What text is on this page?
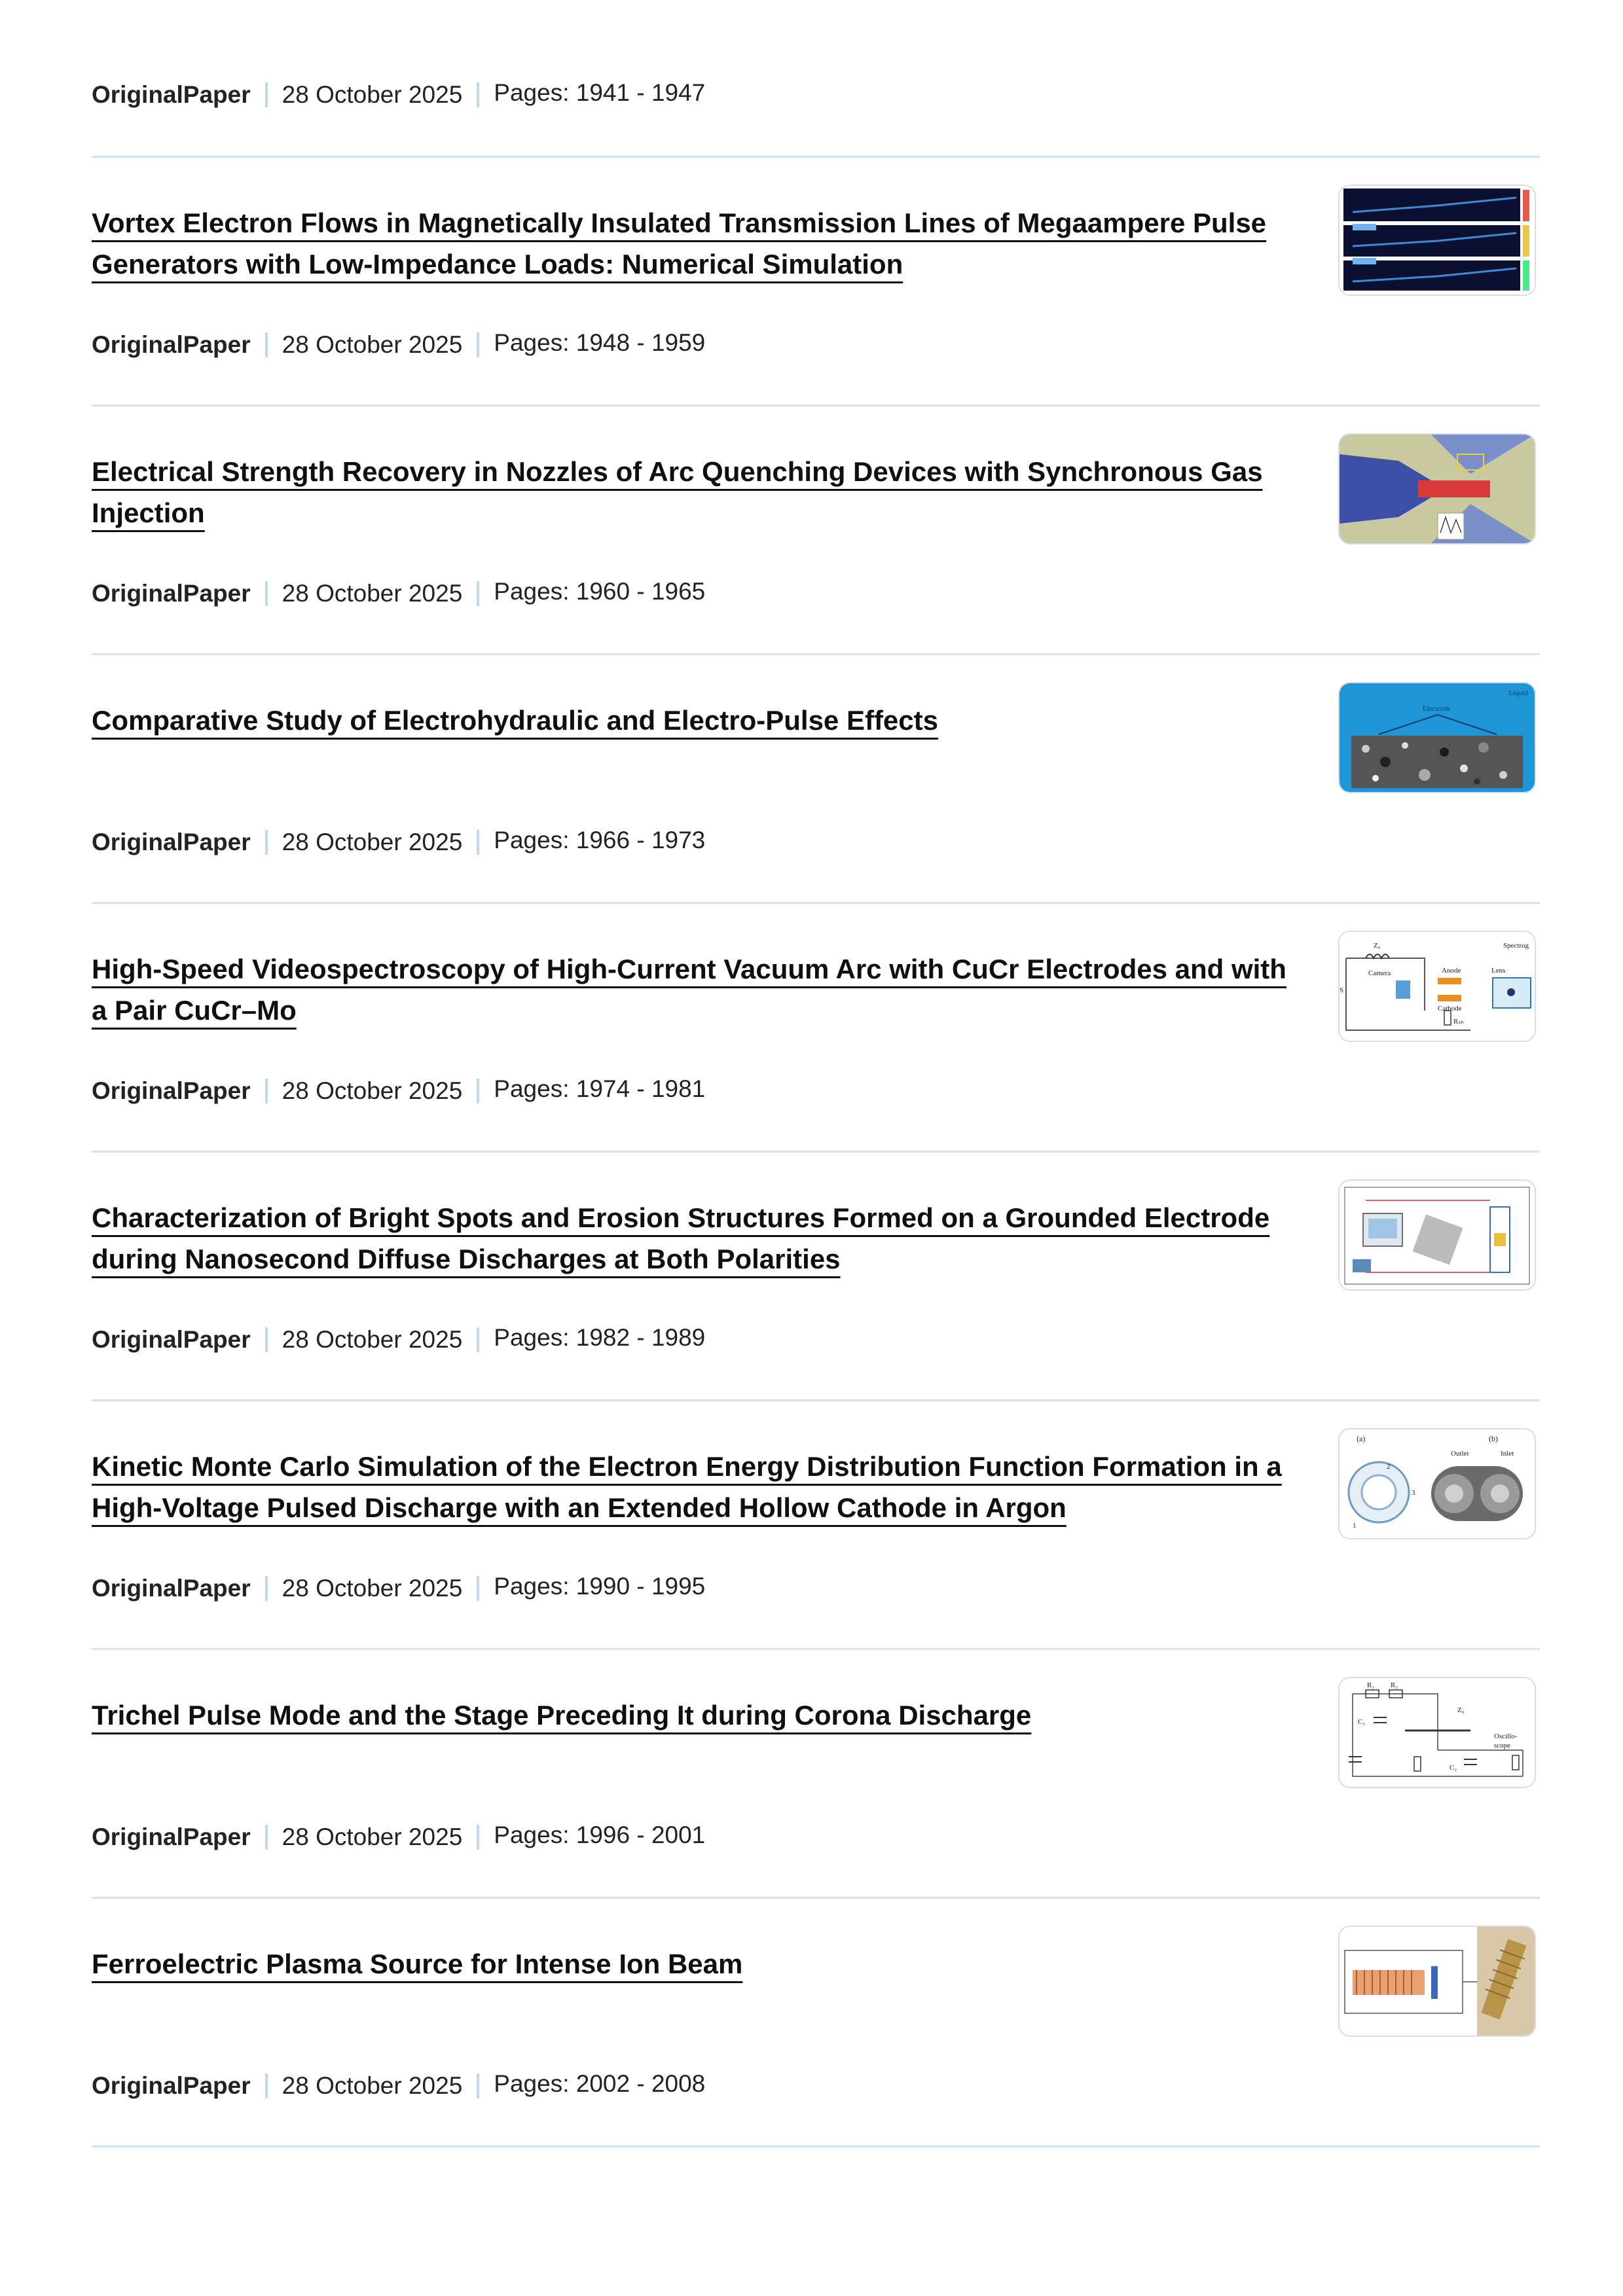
OriginalPaper 28 October 2025 Pages: 1941 - 1947
Vortex Electron Flows in Magnetically Insulated Transmission Lines of Megaampere Pulse Generators with Low-Impedance Loads: Numerical Simulation
OriginalPaper 28 October 2025 Pages: 1948 - 1959
Electrical Strength Recovery in Nozzles of Arc Quenching Devices with Synchronous Gas Injection
OriginalPaper 28 October 2025 Pages: 1960 - 1965
Comparative Study of Electrohydraulic and Electro-Pulse Effects	Electrode
Liquid
OriginalPaper 28 October 2025 Pages: 1966 - 1973
High-Speed Videospectroscopy of High-Current Vacuum Arc with CuCr Electrodes and with a Pair CuCr–Mo
Z₀
Camera	Anode
Cathode
Lens
Spectrog
S
Rₛₕ
OriginalPaper 28 October 2025 Pages: 1974 - 1981
Characterization of Bright Spots and Erosion Structures Formed on a Grounded Electrode during Nanosecond Diffuse Discharges at Both Polarities
OriginalPaper 28 October 2025 Pages: 1982 - 1989
Kinetic Monte Carlo Simulation of the Electron Energy Distribution Function Formation in a High-Voltage Pulsed Discharge with an Extended Hollow Cathode in Argon
(a)	(b)
Outlet	Inlet
2
3
1
OriginalPaper 28 October 2025 Pages: 1990 - 1995
Trichel Pulse Mode and the Stage Preceding It during Corona Discharge
Oscillo-
scope
C₁
C₂
R₁ R₂
Z₀
OriginalPaper 28 October 2025 Pages: 1996 - 2001
Ferroelectric Plasma Source for Intense Ion Beam
OriginalPaper 28 October 2025 Pages: 2002 - 2008
